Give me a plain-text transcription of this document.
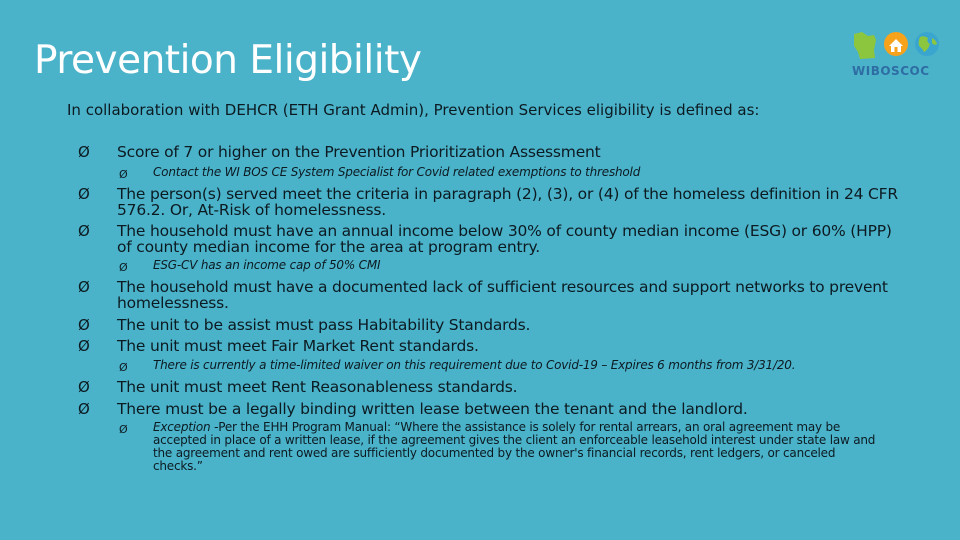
Prevention Eligibility	WIBOSCOC
In collaboration with DEHCR (ETH Grant Admin), Prevention Services eligibility is defined as:
Ø Score of 7 or higher on the Prevention Prioritization Assessment
Ø Contact the WI BOS CE System Specialist for Covid related exemptions to threshold
Ø The person(s) served meet the criteria in paragraph (2), (3), or (4) of the homeless definition in 24 CFR 576.2. Or, At-Risk of homelessness.
Ø The household must have an annual income below 30% of county median income (ESG) or 60% (HPP) of county median income for the area at program entry.
Ø ESG-CV has an income cap of 50% CMI
Ø The household must have a documented lack of sufficient resources and support networks to prevent homelessness.
Ø The unit to be assist must pass Habitability Standards.
Ø The unit must meet Fair Market Rent standards.
Ø There is currently a time-limited waiver on this requirement due to Covid-19 – Expires 6 months from 3/31/20.
Ø The unit must meet Rent Reasonableness standards.
Ø There must be a legally binding written lease between the tenant and the landlord.
Ø Exception -Per the EHH Program Manual: “Where the assistance is solely for rental arrears, an oral agreement may be accepted in place of a written lease, if the agreement gives the client an enforceable leasehold interest under state law and the agreement and rent owed are sufficiently documented by the owner's financial records, rent ledgers, or canceled checks.”
